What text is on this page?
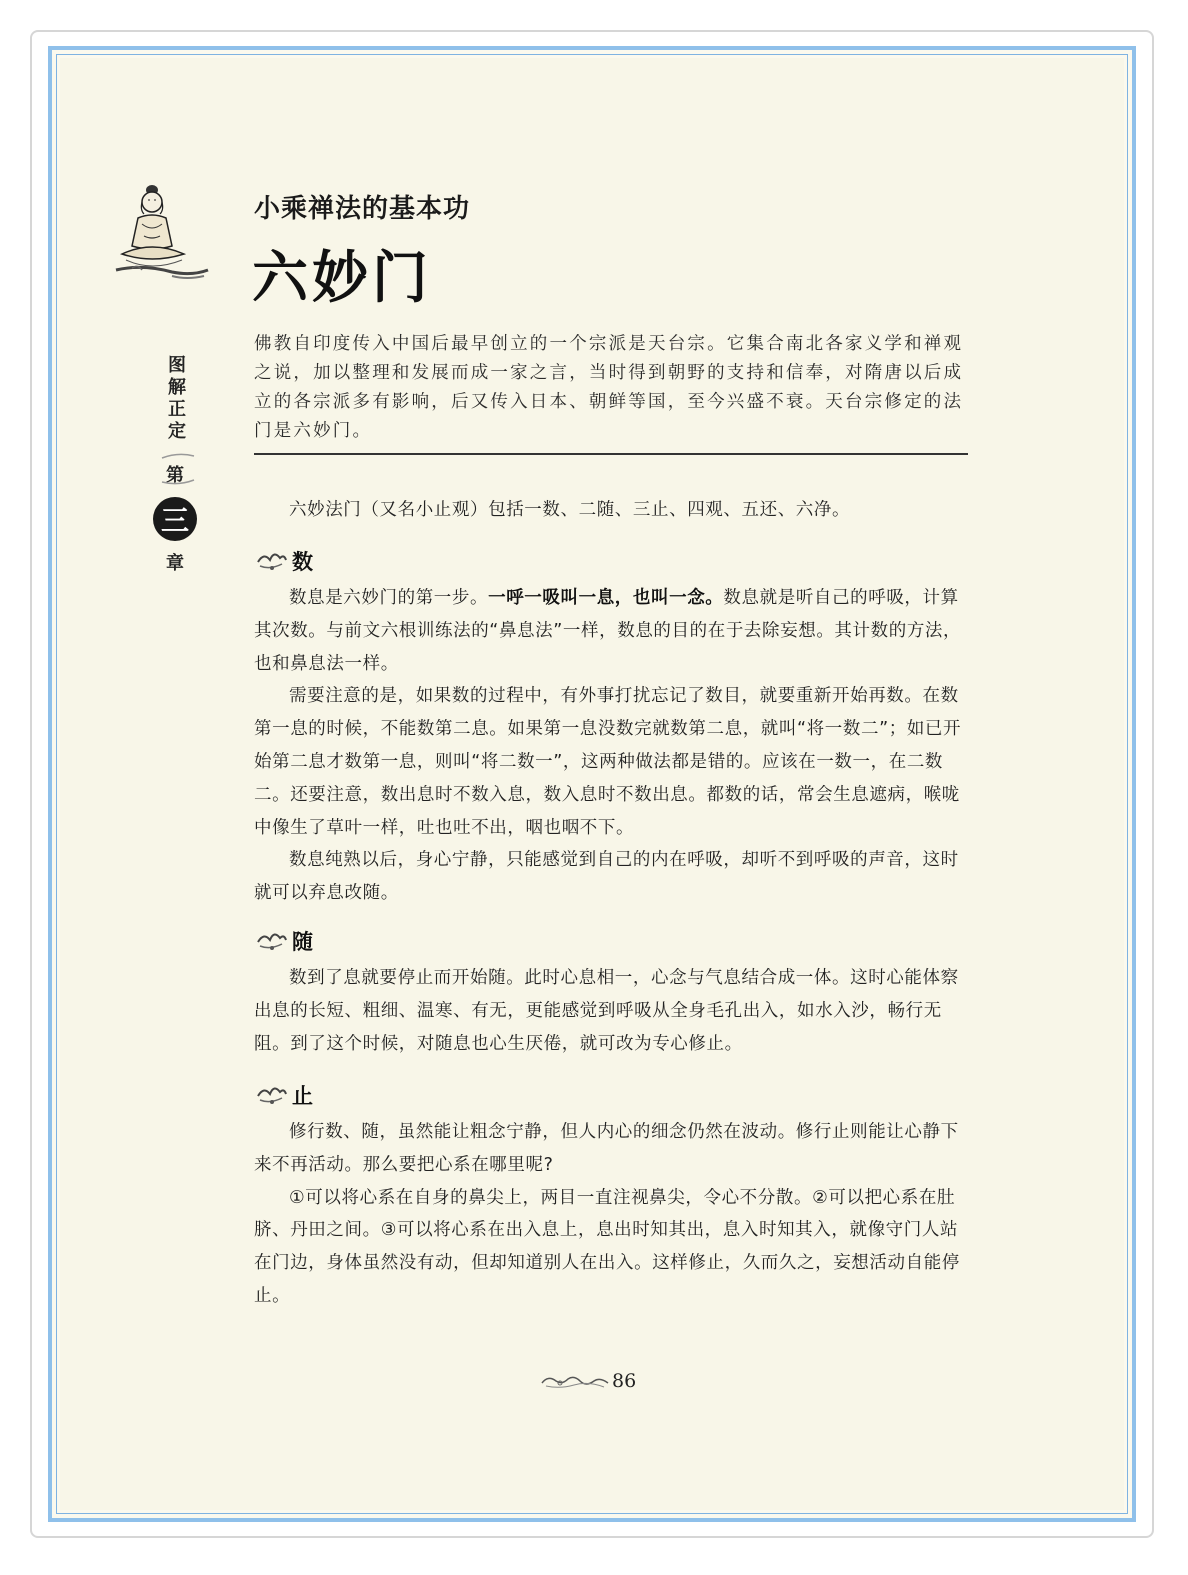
图解正定
第
三
章
小乘禅法的基本功
六妙门

佛教自印度传入中国后最早创立的一个宗派是天台宗。它集合南北各家义学和禅观之说，加以整理和发展而成一家之言，当时得到朝野的支持和信奉，对隋唐以后成立的各宗派多有影响，后又传入日本、朝鲜等国，至今兴盛不衰。天台宗修定的法门是六妙门。

六妙法门（又名小止观）包括一数、二随、三止、四观、五还、六净。

数

数息是六妙门的第一步。一呼一吸叫一息，也叫一念。数息就是听自己的呼吸，计算其次数。与前文六根训练法的“鼻息法”一样，数息的目的在于去除妄想。其计数的方法，也和鼻息法一样。

需要注意的是，如果数的过程中，有外事打扰忘记了数目，就要重新开始再数。在数第一息的时候，不能数第二息。如果第一息没数完就数第二息，就叫“将一数二”；如已开始第二息才数第一息，则叫“将二数一”，这两种做法都是错的。应该在一数一，在二数二。还要注意，数出息时不数入息，数入息时不数出息。都数的话，常会生息遮病，喉咙中像生了草叶一样，吐也吐不出，咽也咽不下。

数息纯熟以后，身心宁静，只能感觉到自己的内在呼吸，却听不到呼吸的声音，这时就可以弃息改随。

随

数到了息就要停止而开始随。此时心息相一，心念与气息结合成一体。这时心能体察出息的长短、粗细、温寒、有无，更能感觉到呼吸从全身毛孔出入，如水入沙，畅行无阻。到了这个时候，对随息也心生厌倦，就可改为专心修止。

止

修行数、随，虽然能让粗念宁静，但人内心的细念仍然在波动。修行止则能让心静下来不再活动。那么要把心系在哪里呢?

①可以将心系在自身的鼻尖上，两目一直注视鼻尖，令心不分散。②可以把心系在肚脐、丹田之间。③可以将心系在出入息上，息出时知其出，息入时知其入，就像守门人站在门边，身体虽然没有动，但却知道别人在出入。这样修止，久而久之，妄想活动自能停止。

86
